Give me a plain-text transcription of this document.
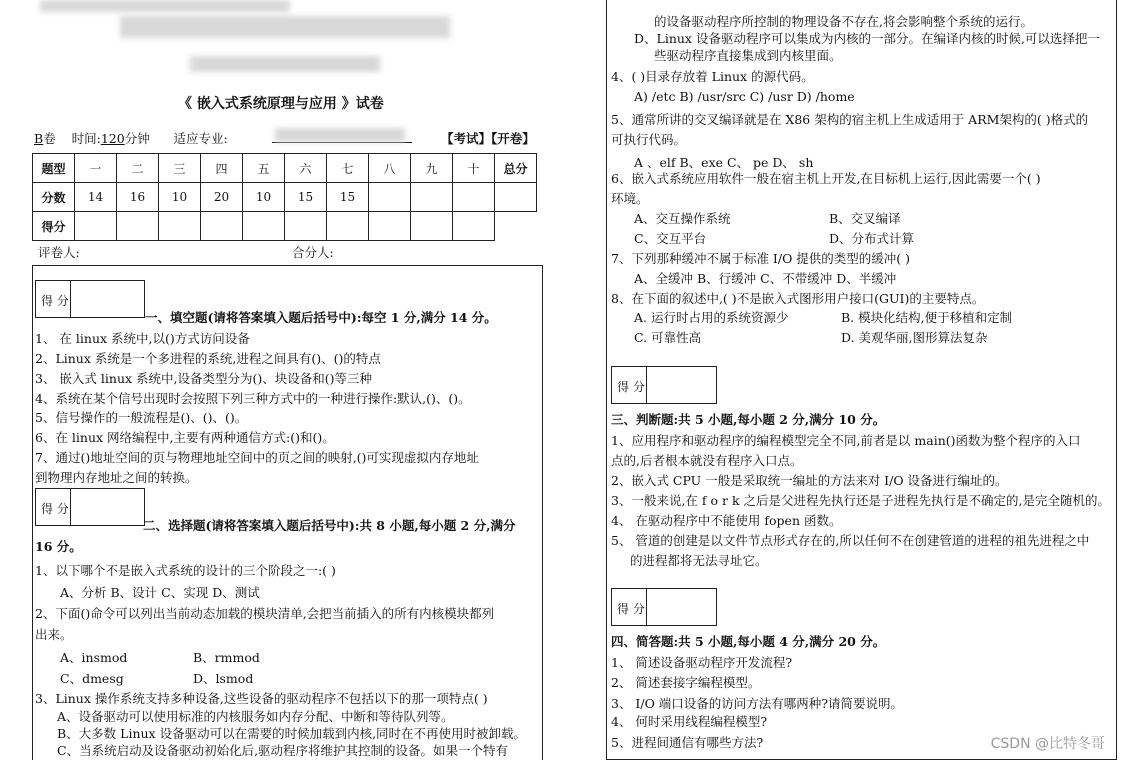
《 嵌入式系统原理与应用 》试卷
B卷 时间:120分钟 适应专业:	【考试】【开卷】
题型	一	二	三	四	五	六	七	八	九	十	总分
分数	14	16	10	20	10	15	15				
得分											
评卷人:	合分人:
得 分
一、填空题(请将答案填入题后括号中):每空 1 分,满分 14 分。
1、 在 linux 系统中,以()方式访问设备
2、Linux 系统是一个多进程的系统,进程之间具有()、()的特点
3、 嵌入式 linux 系统中,设备类型分为()、块设备和()等三种
4、系统在某个信号出现时会按照下列三种方式中的一种进行操作:默认,()、()。
5、信号操作的一般流程是()、()、()。
6、在 linux 网络编程中,主要有两种通信方式:()和()。
7、通过()地址空间的页与物理地址空间中的页之间的映射,()可实现虚拟内存地址
到物理内存地址之间的转换。
得 分
二、选择题(请将答案填入题后括号中):共 8 小题,每小题 2 分,满分
16 分。
1、以下哪个不是嵌入式系统的设计的三个阶段之一:( )
A、分析 B、设计 C、实现 D、测试
2、下面()命令可以列出当前动态加载的模块清单,会把当前插入的所有内核模块都列
出来。
A、insmod	B、rmmod
C、dmesg	D、lsmod
3、Linux 操作系统支持多种设备,这些设备的驱动程序不包括以下的那一项特点( )
A、设备驱动可以使用标准的内核服务如内存分配、中断和等待队列等。
B、大多数 Linux 设备驱动可以在需要的时候加载到内核,同时在不再使用时被卸载。
C、当系统启动及设备驱动初始化后,驱动程序将维护其控制的设备。如果一个特有
的设备驱动程序所控制的物理设备不存在,将会影响整个系统的运行。
D、Linux 设备驱动程序可以集成为内核的一部分。在编译内核的时候,可以选择把一
些驱动程序直接集成到内核里面。
4、( )目录存放着 Linux 的源代码。
A) /etc B) /usr/src C) /usr D) /home
5、通常所讲的交叉编译就是在 X86 架构的宿主机上生成适用于 ARM架构的( )格式的
可执行代码。
A 、elf B、exe C、 pe D、 sh
6、嵌入式系统应用软件一般在宿主机上开发,在目标机上运行,因此需要一个( )
环境。
A、交互操作系统	B、交叉编译
C、交互平台	D、分布式计算
7、下列那种缓冲不属于标准 I/O 提供的类型的缓冲( )
A、全缓冲 B、行缓冲 C、不带缓冲 D、半缓冲
8、在下面的叙述中,( )不是嵌入式图形用户接口(GUI)的主要特点。
A. 运行时占用的系统资源少	B. 模块化结构,便于移植和定制
C. 可靠性高	D. 美观华丽,图形算法复杂
得 分
三、判断题:共 5 小题,每小题 2 分,满分 10 分。
1、应用程序和驱动程序的编程模型完全不同,前者是以 main()函数为整个程序的入口
点的,后者根本就没有程序入口点。
2、嵌入式 CPU 一般是采取统一编址的方法来对 I/O 设备进行编址的。
3、一般来说,在 f o r k 之后是父进程先执行还是子进程先执行是不确定的,是完全随机的。
4、 在驱动程序中不能使用 fopen 函数。
5、 管道的创建是以文件节点形式存在的,所以任何不在创建管道的进程的祖先进程之中
的进程都将无法寻址它。
得 分
四、简答题:共 5 小题,每小题 4 分,满分 20 分。
1、 简述设备驱动程序开发流程?
2、 简述套接字编程模型。
3、 I/O 端口设备的访问方法有哪两种?请简要说明。
4、 何时采用线程编程模型?
5、进程间通信有哪些方法?	CSDN @比特冬哥
